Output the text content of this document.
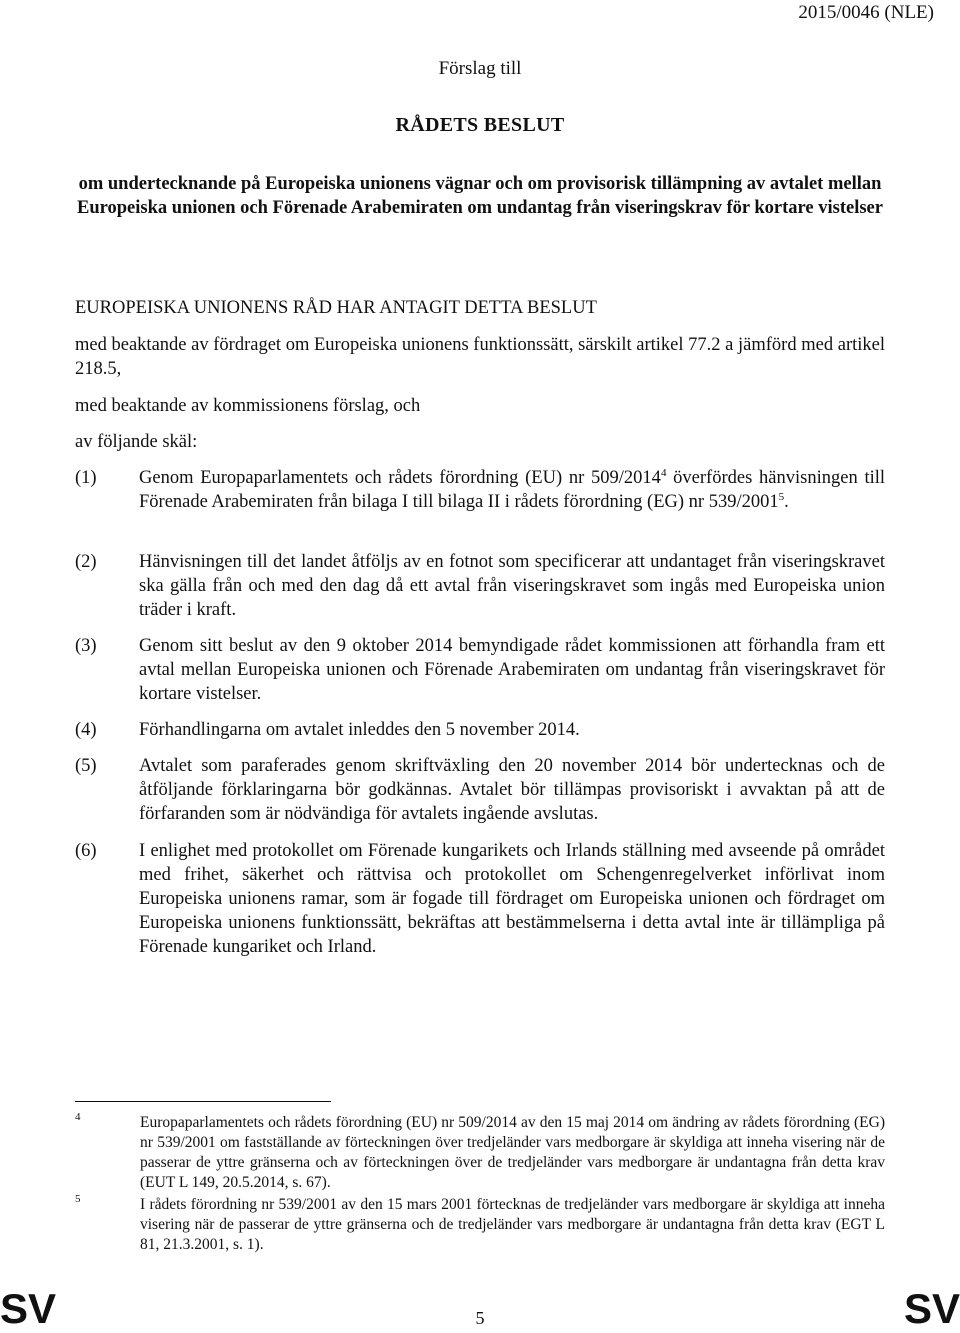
2015/0046 (NLE)
Förslag till
RÅDETS BESLUT
om undertecknande på Europeiska unionens vägnar och om provisorisk tillämpning av avtalet mellan Europeiska unionen och Förenade Arabemiraten om undantag från viseringskrav för kortare vistelser
EUROPEISKA UNIONENS RÅD HAR ANTAGIT DETTA BESLUT
med beaktande av fördraget om Europeiska unionens funktionssätt, särskilt artikel 77.2 a jämförd med artikel 218.5,
med beaktande av kommissionens förslag, och
av följande skäl:
(1) Genom Europaparlamentets och rådets förordning (EU) nr 509/2014$^4$ överfördes hänvisningen till Förenade Arabemiraten från bilaga I till bilaga II i rådets förordning (EG) nr 539/2001$^5$.
(2) Hänvisningen till det landet åtföljs av en fotnot som specificerar att undantaget från viseringskravet ska gälla från och med den dag då ett avtal från viseringskravet som ingås med Europeiska union träder i kraft.
(3) Genom sitt beslut av den 9 oktober 2014 bemyndigade rådet kommissionen att förhandla fram ett avtal mellan Europeiska unionen och Förenade Arabemiraten om undantag från viseringskravet för kortare vistelser.
(4) Förhandlingarna om avtalet inleddes den 5 november 2014.
(5) Avtalet som paraferades genom skriftväxling den 20 november 2014 bör undertecknas och de åtföljande förklaringarna bör godkännas. Avtalet bör tillämpas provisoriskt i avvaktan på att de förfaranden som är nödvändiga för avtalets ingående avslutas.
(6) I enlighet med protokollet om Förenade kungarikets och Irlands ställning med avseende på området med frihet, säkerhet och rättvisa och protokollet om Schengenregelverket införlivat inom Europeiska unionens ramar, som är fogade till fördraget om Europeiska unionen och fördraget om Europeiska unionens funktionssätt, bekräftas att bestämmelserna i detta avtal inte är tillämpliga på Förenade kungariket och Irland.
4	Europaparlamentets och rådets förordning (EU) nr 509/2014 av den 15 maj 2014 om ändring av rådets förordning (EG) nr 539/2001 om fastställande av förteckningen över tredjeländer vars medborgare är skyldiga att inneha visering när de passerar de yttre gränserna och av förteckningen över de tredjeländer vars medborgare är undantagna från detta krav (EUT L 149, 20.5.2014, s. 67).
5	I rådets förordning nr 539/2001 av den 15 mars 2001 förtecknas de tredjeländer vars medborgare är skyldiga att inneha visering när de passerar de yttre gränserna och de tredjeländer vars medborgare är undantagna från detta krav (EGT L 81, 21.3.2001, s. 1).
SV	5	SV
